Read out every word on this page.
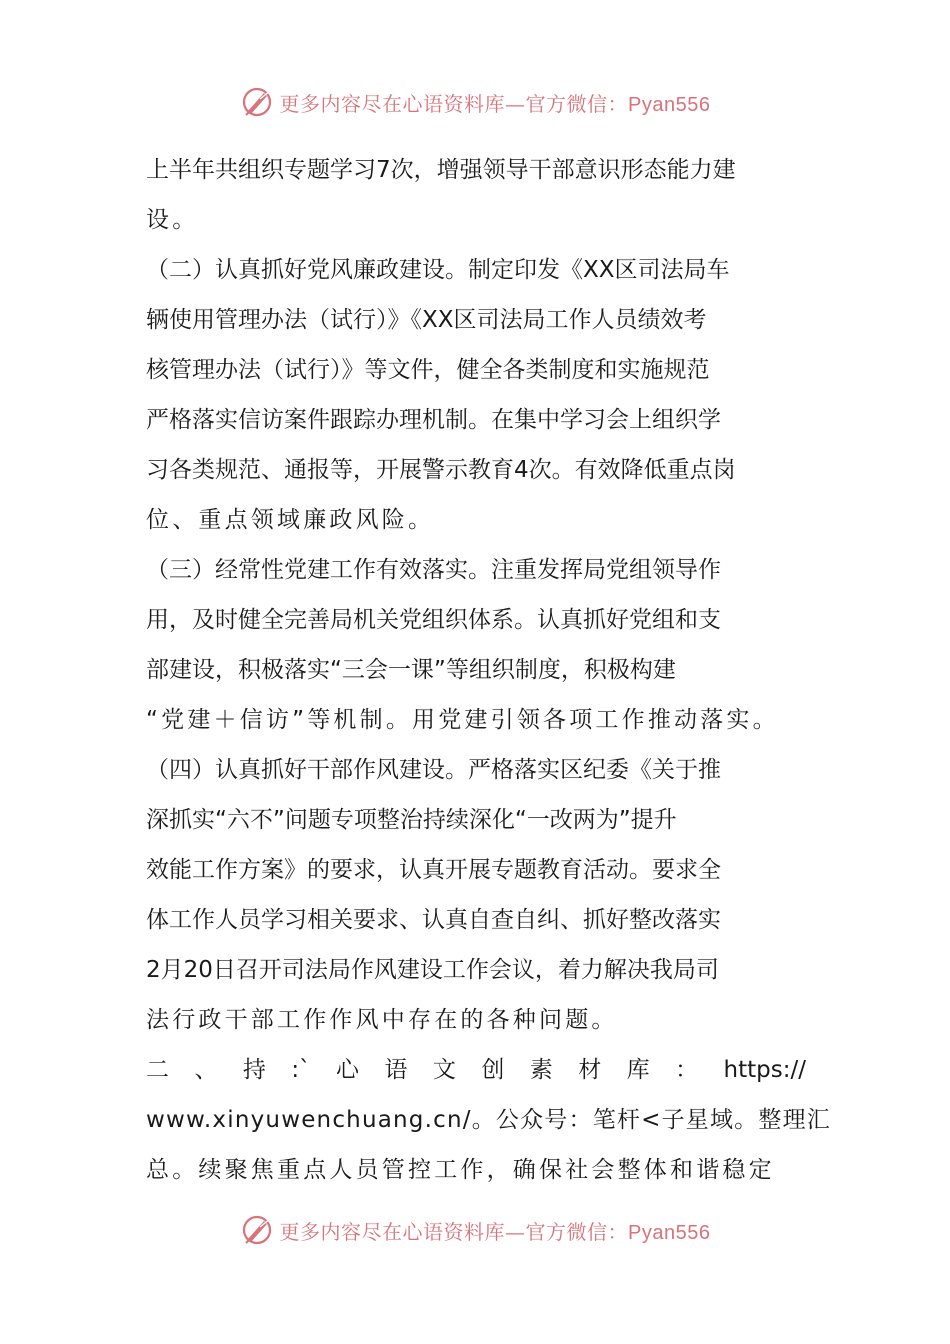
更多内容尽在心语资料库—官方微信：Pyan556
上半年共组织专题学习7次，增强领导干部意识形态能力建
设。
（二）认真抓好党风廉政建设。制定印发《XX区司法局车
辆使用管理办法（试行）》《XX区司法局工作人员绩效考
核管理办法（试行）》等文件，健全各类制度和实施规范
严格落实信访案件跟踪办理机制。在集中学习会上组织学
习各类规范、通报等，开展警示教育4次。有效降低重点岗
位、重点领域廉政风险。
（三）经常性党建工作有效落实。注重发挥局党组领导作
用，及时健全完善局机关党组织体系。认真抓好党组和支
部建设，积极落实“三会一课”等组织制度，积极构建
“党建＋信访”等机制。用党建引领各项工作推动落实。
（四）认真抓好干部作风建设。严格落实区纪委《关于推
深抓实“六不”问题专项整治持续深化“一改两为”提升
效能工作方案》的要求，认真开展专题教育活动。要求全
体工作人员学习相关要求、认真自查自纠、抓好整改落实
2月20日召开司法局作风建设工作会议，着力解决我局司
法行政干部工作作风中存在的各种问题。
二 、 持 :` 心 语 文 创 素 材 库 ： https://
www.xinyuwenchuang.cn/。公众号：笔杆<子星域。整理汇
总。续聚焦重点人员管控工作，确保社会整体和谐稳定
更多内容尽在心语资料库—官方微信：Pyan556
